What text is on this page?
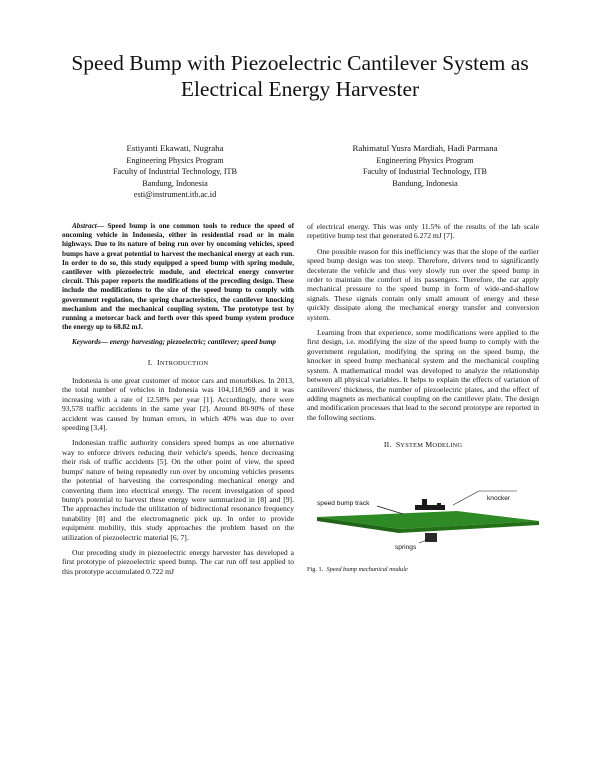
Speed Bump with Piezoelectric Cantilever System as
Electrical Energy Harvester
Estiyanti Ekawati, Nugraha
Engineering Physics Program
Faculty of Industrial Technology, ITB
Bandung, Indonesia
esti@instrument.itb.ac.id
Rahimatul Yusra Mardiah, Hadi Parmana
Engineering Physics Program
Faculty of Industrial Technology, ITB
Bandung, Indonesia

Abstract— Speed bump is one common tools to reduce the speed of oncoming vehicle in Indonesia, either in residential road or in main highways. Due to its nature of being run over by oncoming vehicles, speed bumps have a great potential to harvest the mechanical energy at each run. In order to do so, this study equipped a speed bump with spring module, cantilever with piezoelectric module, and electrical energy converter circuit. This paper reports the modifications of the preceding design. These include the modifications to the size of the speed bump to comply with government regulation, the spring characteristics, the cantilever knocking mechanism and the mechanical coupling system. The prototype test by running a motorcar back and forth over this speed bump system produce the energy up to 68.82 mJ.

Keywords— energy harvesting; piezoelectric; cantilever; speed bump

I. INTRODUCTION

Indonesia is one great customer of motor cars and motorbikes. In 2013, the total number of vehicles in Indonesia was 104,118,969 and it was increasing with a rate of 12.58% per year [1]. Accordingly, there were 93,578 traffic accidents in the same year [2]. Around 80-90% of these accident was caused by human errors, in which 40% was due to over speeding [3,4].

Indonesian traffic authority considers speed bumps as one alternative way to enforce drivers reducing their vehicle's speeds, hence decreasing their risk of traffic accidents [5]. On the other point of view, the speed bumps' nature of being repeatedly run over by oncoming vehicles presents the potential of harvesting the corresponding mechanical energy and converting them into electrical energy. The recent investigation of speed bump's potential to harvest these energy were summarized in [8] and [9]. The approaches include the utilization of bidirectional resonance frequency tunability [8] and the electromagnetic pick up. In order to provide equipment mobility, this study approaches the problem based on the utilization of piezoelectric material [6, 7].

Our preceding study in piezoelectric energy harvester has developed a first prototype of piezoelectric speed bump. The car run off test applied to this prototype accumulated 0.722 mJ

of electrical energy. This was only 11.5% of the results of the lab scale repetitive bump test that generated 6.272 mJ [7].

One possible reason for this inefficiency was that the slope of the earlier speed bump design was too steep. Therefore, drivers tend to significantly decelerate the vehicle and thus very slowly run over the speed bump in order to maintain the comfort of its passengers. Therefore, the car apply mechanical pressure to the speed bump in form of wide-and-shallow signals. These signals contain only small amount of energy and these quickly dissipate along the mechanical energy transfer and conversion system.

Learning from that experience, some modifications were applied to the first design, i.e. modifying the size of the speed bump to comply with the government regulation, modifying the spring on the speed bump, the knocker in speed bump mechanical system and the mechanical coupling system. A mathematical model was developed to analyze the relationship between all physical variables. It helps to explain the effects of variation of cantilevers' thickness, the number of piezoelectric plates, and the effect of adding magnets as mechanical coupling on the cantilever plate. The design and modification processes that lead to the second prototype are reported in the following sections.

II. SYSTEM MODELING
speed bump track
knocker
springs
Fig. 1. Speed bump mechanical module
